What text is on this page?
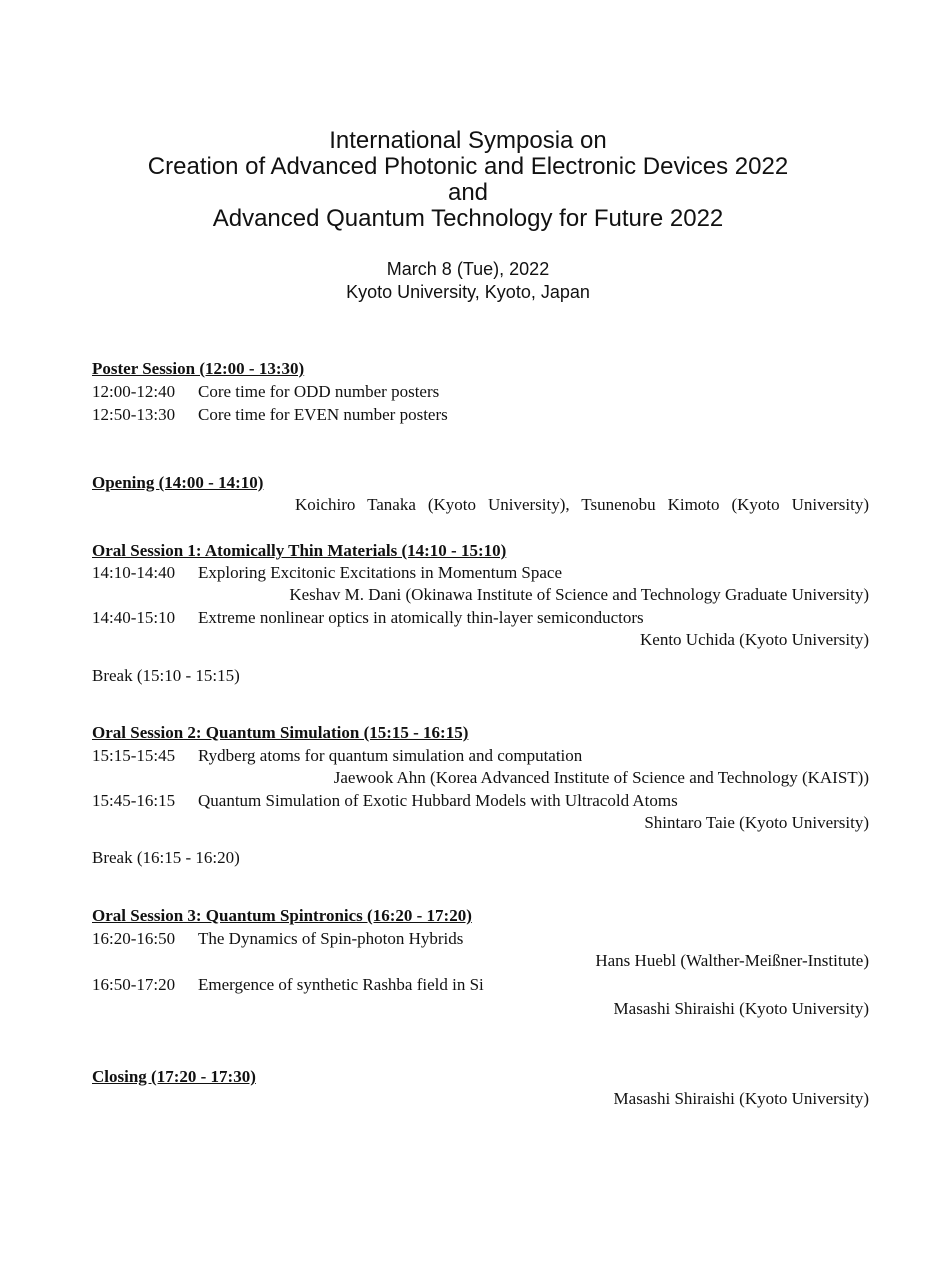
International Symposia on
Creation of Advanced Photonic and Electronic Devices 2022
and
Advanced Quantum Technology for Future 2022
March 8 (Tue), 2022
Kyoto University, Kyoto, Japan
Poster Session (12:00 - 13:30)
12:00-12:40 Core time for ODD number posters
12:50-13:30 Core time for EVEN number posters
Opening (14:00 - 14:10)
Koichiro Tanaka (Kyoto University), Tsunenobu Kimoto (Kyoto University)
Oral Session 1: Atomically Thin Materials (14:10 - 15:10)
14:10-14:40 Exploring Excitonic Excitations in Momentum Space
Keshav M. Dani (Okinawa Institute of Science and Technology Graduate University)
14:40-15:10 Extreme nonlinear optics in atomically thin-layer semiconductors
Kento Uchida (Kyoto University)
Break (15:10 - 15:15)
Oral Session 2: Quantum Simulation (15:15 - 16:15)
15:15-15:45 Rydberg atoms for quantum simulation and computation
Jaewook Ahn (Korea Advanced Institute of Science and Technology (KAIST))
15:45-16:15 Quantum Simulation of Exotic Hubbard Models with Ultracold Atoms
Shintaro Taie (Kyoto University)
Break (16:15 - 16:20)
Oral Session 3: Quantum Spintronics (16:20 - 17:20)
16:20-16:50 The Dynamics of Spin-photon Hybrids
Hans Huebl (Walther-Meißner-Institute)
16:50-17:20 Emergence of synthetic Rashba field in Si
Masashi Shiraishi (Kyoto University)
Closing (17:20 - 17:30)
Masashi Shiraishi (Kyoto University)
